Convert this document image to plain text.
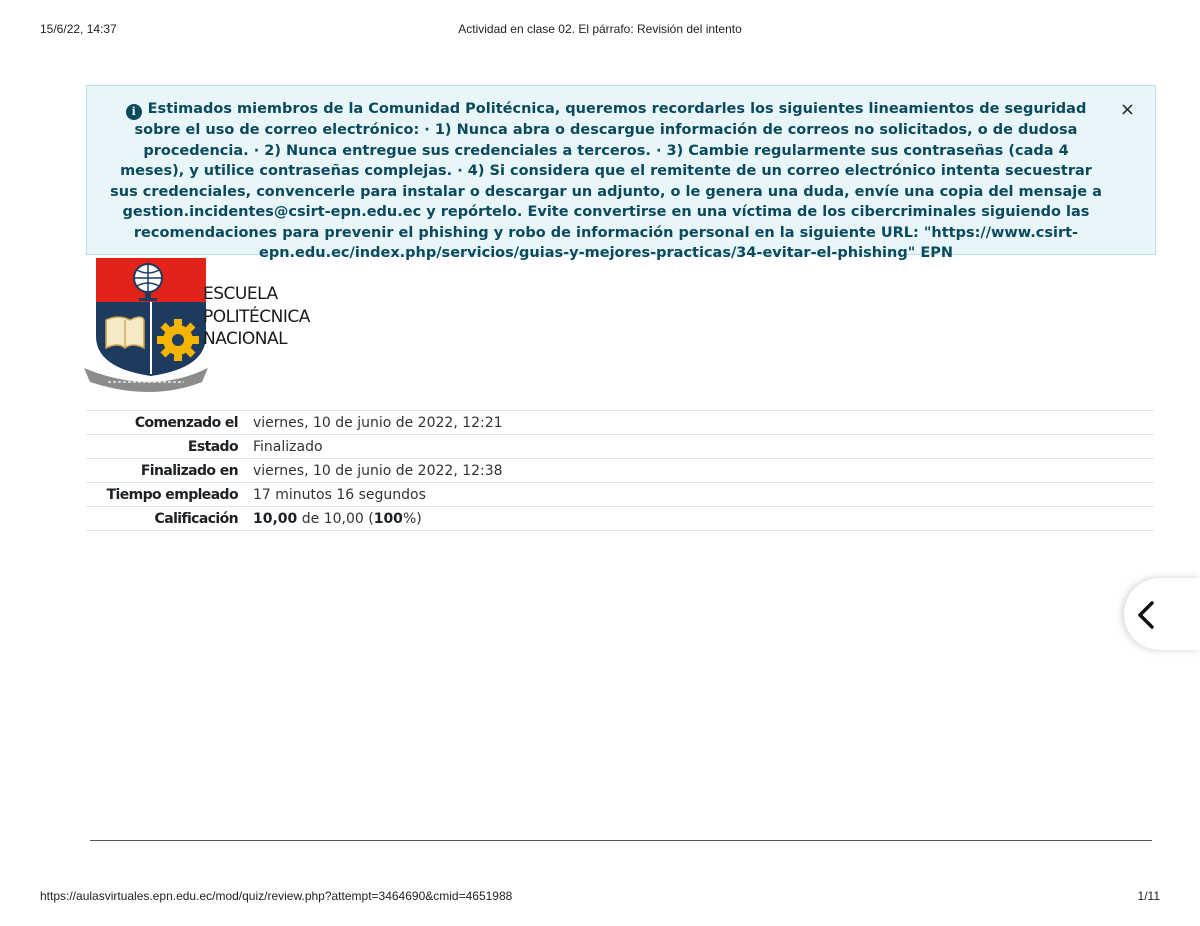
15/6/22, 14:37	Actividad en clase 02. El párrafo: Revisión del intento
i Estimados miembros de la Comunidad Politécnica, queremos recordarles los siguientes lineamientos de seguridad sobre el uso de correo electrónico: · 1) Nunca abra o descargue información de correos no solicitados, o de dudosa procedencia. · 2) Nunca entregue sus credenciales a terceros. · 3) Cambie regularmente sus contraseñas (cada 4 meses), y utilice contraseñas complejas. · 4) Si considera que el remitente de un correo electrónico intenta secuestrar sus credenciales, convencerle para instalar o descargar un adjunto, o le genera una duda, envíe una copia del mensaje a gestion.incidentes@csirt-epn.edu.ec y repórtelo. Evite convertirse en una víctima de los cibercriminales siguiendo las recomendaciones para prevenir el phishing y robo de información personal en la siguiente URL: "https://www.csirt-epn.edu.ec/index.php/servicios/guias-y-mejores-practicas/34-evitar-el-phishing" EPN
×
ESCUELA
POLITÉCNICA
NACIONAL
Comenzado el	viernes, 10 de junio de 2022, 12:21
Estado	Finalizado
Finalizado en	viernes, 10 de junio de 2022, 12:38
Tiempo empleado	17 minutos 16 segundos
Calificación	10,00 de 10,00 (100%)
https://aulasvirtuales.epn.edu.ec/mod/quiz/review.php?attempt=3464690&cmid=4651988	1/11
